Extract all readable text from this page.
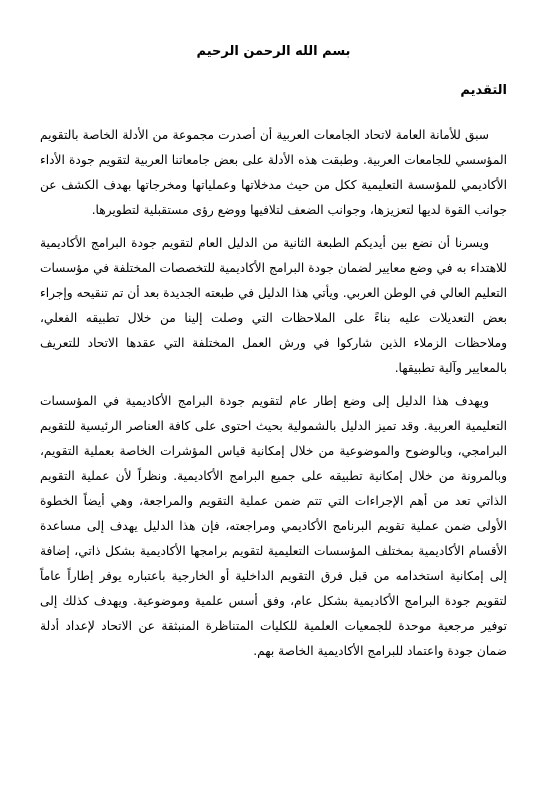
بسم الله الرحمن الرحيم

التقديم

سبق للأمانة العامة لاتحاد الجامعات العربية أن أصدرت مجموعة من الأدلة الخاصة بالتقويم المؤسسي للجامعات العربية. وطبقت هذه الأدلة على بعض جامعاتنا العربية لتقويم جودة الأداء الأكاديمي للمؤسسة التعليمية ككل من حيث مدخلاتها وعملياتها ومخرجاتها بهدف الكشف عن جوانب القوة لديها لتعزيزها، وجوانب الضعف لتلافيها ووضع رؤى مستقبلية لتطويرها.

ويسرنا أن نضع بين أيديكم الطبعة الثانية من الدليل العام لتقويم جودة البرامج الأكاديمية للاهتداء به في وضع معايير لضمان جودة البرامج الأكاديمية للتخصصات المختلفة في مؤسسات التعليم العالي في الوطن العربي. ويأتي هذا الدليل في طبعته الجديدة بعد أن تم تنقيحه وإجراء بعض التعديلات عليه بناءً على الملاحظات التي وصلت إلينا من خلال تطبيقه الفعلي، وملاحظات الزملاء الذين شاركوا في ورش العمل المختلفة التي عقدها الاتحاد للتعريف بالمعايير وآلية تطبيقها.

ويهدف هذا الدليل إلى وضع إطار عام لتقويم جودة البرامج الأكاديمية في المؤسسات التعليمية العربية. وقد تميز الدليل بالشمولية بحيث احتوى على كافة العناصر الرئيسية للتقويم البرامجي، وبالوضوح والموضوعية من خلال إمكانية قياس المؤشرات الخاصة بعملية التقويم، وبالمرونة من خلال إمكانية تطبيقه على جميع البرامج الأكاديمية. ونظراً لأن عملية التقويم الذاتي تعد من أهم الإجراءات التي تتم ضمن عملية التقويم والمراجعة، وهي أيضاً الخطوة الأولى ضمن عملية تقويم البرنامج الأكاديمي ومراجعته، فإن هذا الدليل يهدف إلى مساعدة الأقسام الأكاديمية بمختلف المؤسسات التعليمية لتقويم برامجها الأكاديمية بشكل ذاتي، إضافة إلى إمكانية استخدامه من قبل فرق التقويم الداخلية أو الخارجية باعتباره يوفر إطاراً عاماً لتقويم جودة البرامج الأكاديمية بشكل عام، وفق أسس علمية وموضوعية. ويهدف كذلك إلى توفير مرجعية موحدة للجمعيات العلمية للكليات المتناظرة المنبثقة عن الاتحاد لإعداد أدلة ضمان جودة واعتماد للبرامج الأكاديمية الخاصة بهم.
